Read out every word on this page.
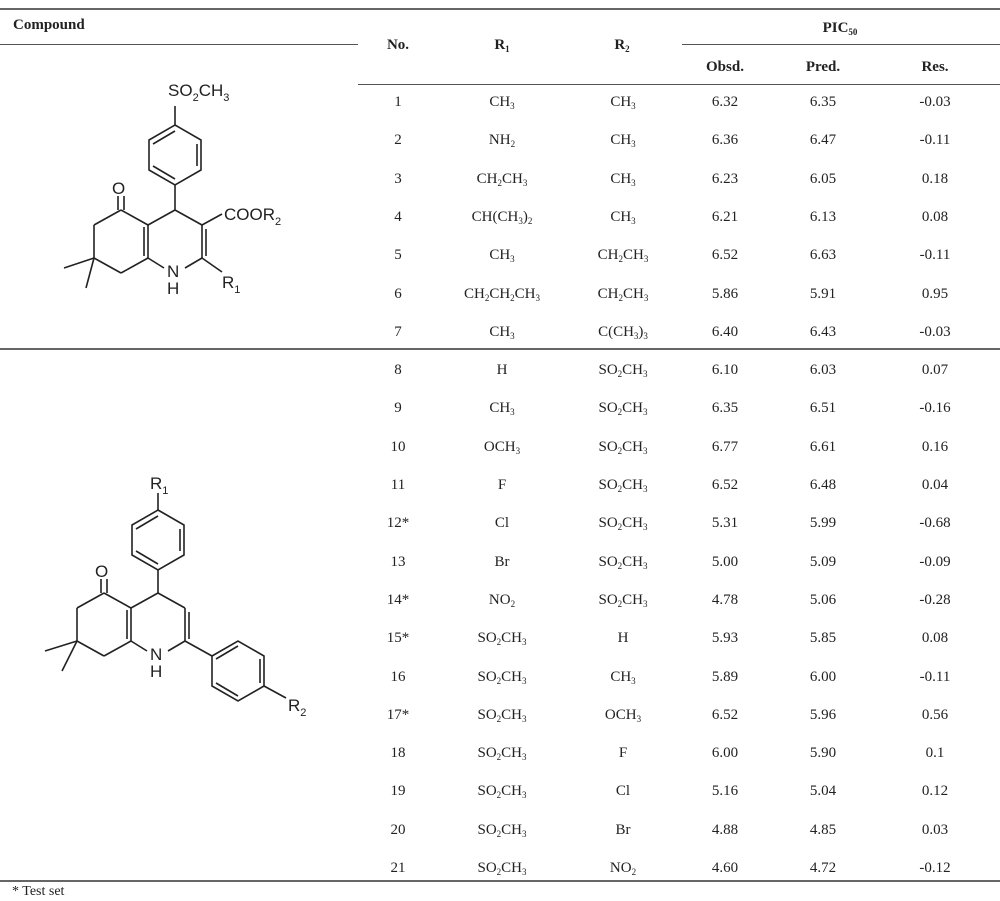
Compound
No.	$R_1$	$R_2$
$PIC_{50}$
Obsd.	Pred.	Res.
1	$CH_3$	$CH_3$	6.32	6.35	-0.03
2	$NH_2$	$CH_3$	6.36	6.47	-0.11
3	$CH_2CH_3$	$CH_3$	6.23	6.05	0.18
4	$CH(CH_3)_2$	$CH_3$	6.21	6.13	0.08
5	$CH_3$	$CH_2CH_3$	6.52	6.63	-0.11
6	$CH_2CH_2CH_3$	$CH_2CH_3$	5.86	5.91	0.95
7	$CH_3$	$C(CH_3)_3$	6.40	6.43	-0.03
8	H	$SO_2CH_3$	6.10	6.03	0.07
9	$CH_3$	$SO_2CH_3$	6.35	6.51	-0.16
10	$OCH_3$	$SO_2CH_3$	6.77	6.61	0.16
11	F	$SO_2CH_3$	6.52	6.48	0.04
12*	Cl	$SO_2CH_3$	5.31	5.99	-0.68
13	Br	$SO_2CH_3$	5.00	5.09	-0.09
14*	$NO_2$	$SO_2CH_3$	4.78	5.06	-0.28
15*	$SO_2CH_3$	H	5.93	5.85	0.08
16	$SO_2CH_3$	$CH_3$	5.89	6.00	-0.11
17*	$SO_2CH_3$	$OCH_3$	6.52	5.96	0.56
18	$SO_2CH_3$	F	6.00	5.90	0.1
19	$SO_2CH_3$	Cl	5.16	5.04	0.12
20	$SO_2CH_3$	Br	4.88	4.85	0.03
21	$SO_2CH_3$	$NO_2$	4.60	4.72	-0.12
$SO_2CH_3$
O
$COOR_2$
N
H	$R_1$
$R_1$
O
N
H
$R_2$
* Test set
